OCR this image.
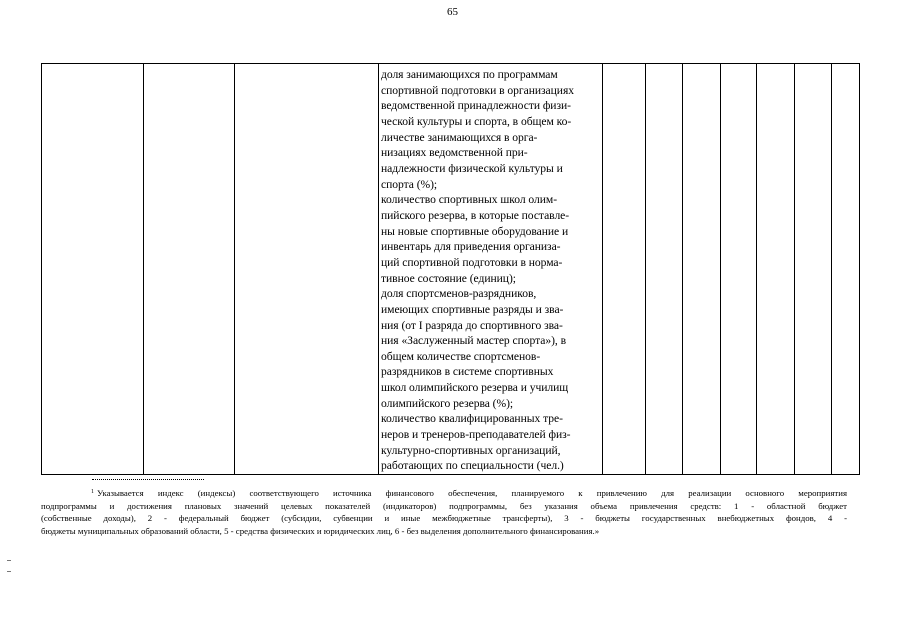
65

доля занимающихся по программам
спортивной подготовки в организациях
ведомственной принадлежности физи-
ческой культуры и спорта, в общем ко-
личестве занимающихся в орга-
низациях ведомственной при-
надлежности физической культуры и
спорта (%);
количество спортивных школ олим-
пийского резерва, в которые поставле-
ны новые спортивные оборудование и
инвентарь для приведения организа-
ций спортивной подготовки в норма-
тивное состояние (единиц);
доля спортсменов-разрядников,
имеющих спортивные разряды и зва-
ния (от I разряда до спортивного зва-
ния «Заслуженный мастер спорта»), в
общем количестве спортсменов-
разрядников в системе спортивных
школ олимпийского резерва и училищ
олимпийского резерва (%);
количество квалифицированных тре-
неров и тренеров-преподавателей физ-
культурно-спортивных организаций,
работающих по специальности (чел.)

$^1$ Указывается индекс (индексы) соответствующего источника финансового обеспечения, планируемого к привлечению для реализации основного мероприятия
подпрограммы и достижения плановых значений целевых показателей (индикаторов) подпрограммы, без указания объема привлечения средств: 1 - областной бюджет
(собственные доходы), 2 - федеральный бюджет (субсидии, субвенции и иные межбюджетные трансферты), 3 - бюджеты государственных внебюджетных фондов, 4 -
бюджеты муниципальных образований области, 5 - средства физических и юридических лиц, 6 - без выделения дополнительного финансирования.»
